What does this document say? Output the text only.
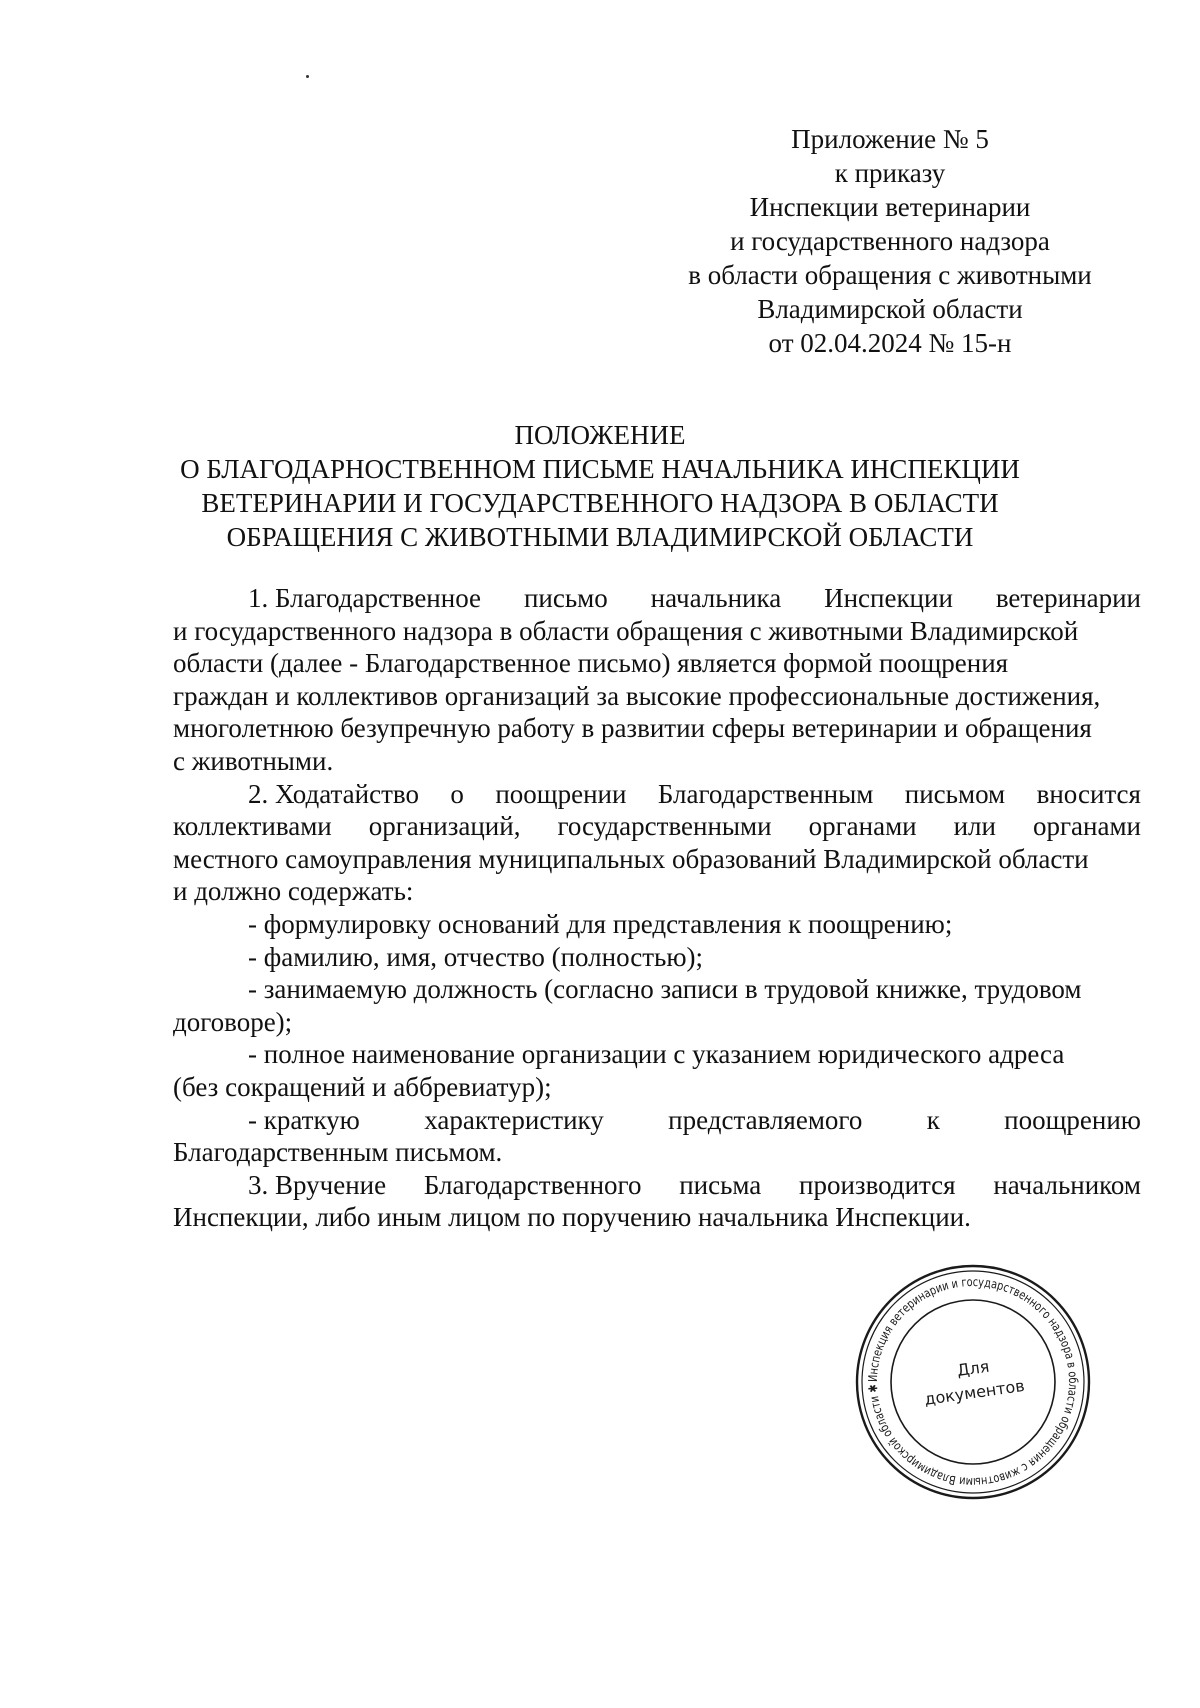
Приложение № 5
к приказу
Инспекции ветеринарии
и государственного надзора
в области обращения с животными
Владимирской области
от 02.04.2024 № 15-н
ПОЛОЖЕНИЕ
О БЛАГОДАРНОСТВЕННОМ ПИСЬМЕ НАЧАЛЬНИКА ИНСПЕКЦИИ
ВЕТЕРИНАРИИ И ГОСУДАРСТВЕННОГО НАДЗОРА В ОБЛАСТИ
ОБРАЩЕНИЯ С ЖИВОТНЫМИ ВЛАДИМИРСКОЙ ОБЛАСТИ
1. Благодарственное письмо начальника Инспекции ветеринарии
и государственного надзора в области обращения с животными Владимирской
области (далее - Благодарственное письмо) является формой поощрения
граждан и коллективов организаций за высокие профессиональные достижения,
многолетнюю безупречную работу в развитии сферы ветеринарии и обращения
с животными.
2. Ходатайство о поощрении Благодарственным письмом вносится
коллективами организаций, государственными органами или органами
местного самоуправления муниципальных образований Владимирской области
и должно содержать:
- формулировку оснований для представления к поощрению;
- фамилию, имя, отчество (полностью);
- занимаемую должность (согласно записи в трудовой книжке, трудовом
договоре);
- полное наименование организации с указанием юридического адреса
(без сокращений и аббревиатур);
- краткую характеристику представляемого к поощрению
Благодарственным письмом.
3. Вручение Благодарственного письма производится начальником
Инспекции, либо иным лицом по поручению начальника Инспекции.
Инспекция ветеринарии и государственного надзора в области обращения с животными Владимирской области ✱
Для
документов
